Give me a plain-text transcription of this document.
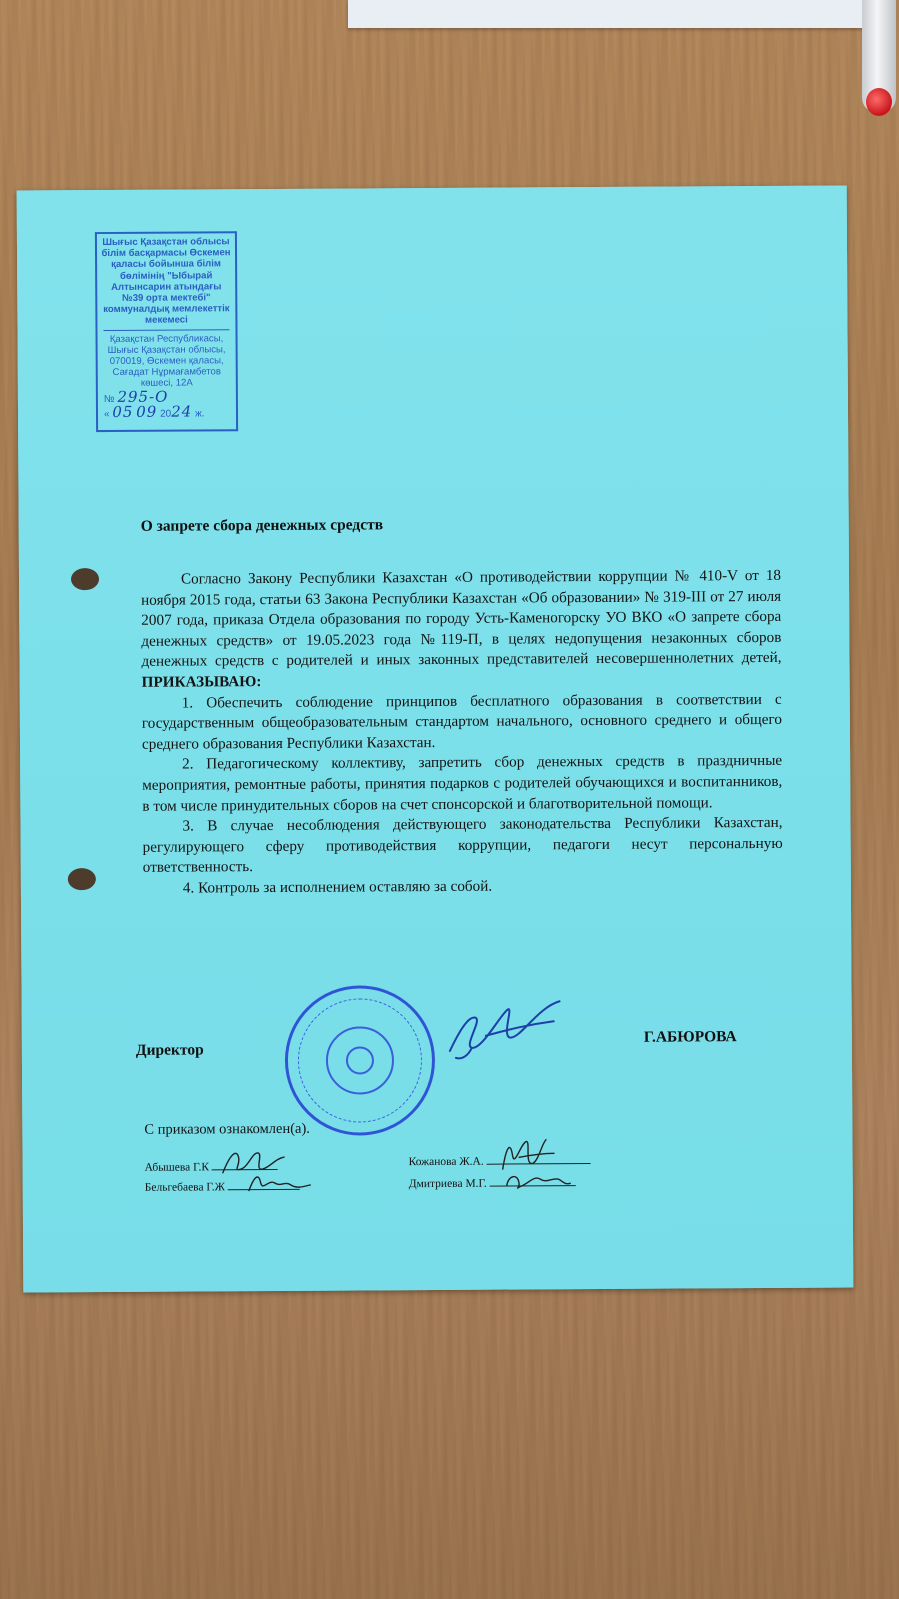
Шығыс Қазақстан облысы
білім басқармасы Өскемен
қаласы бойынша білім
бөлімінің "Ыбырай
Алтынсарин атындағы
№39 орта мектебі"
коммуналдық мемлекеттік
мекемесі
Қазақстан Республикасы,
Шығыс Қазақстан облысы,
070019, Өскемен қаласы,
Сағадат Нұрмағамбетов
көшесі, 12А
№ 295-О
« 05 09 2024 ж.
О запрете сбора денежных средств

Согласно Закону Республики Казахстан «О противодействии коррупции № 410-V от 18 ноября 2015 года, статьи 63 Закона Республики Казахстан «Об образовании» № 319-III от 27 июля 2007 года, приказа Отдела образования по городу Усть-Каменогорску УО ВКО «О запрете сбора денежных средств» от 19.05.2023 года №119-П, в целях недопущения незаконных сборов денежных средств с родителей и иных законных представителей несовершеннолетних детей, ПРИКАЗЫВАЮ:

1. Обеспечить соблюдение принципов бесплатного образования в соответствии с государственным общеобразовательным стандартом начального, основного среднего и общего среднего образования Республики Казахстан.

2. Педагогическому коллективу, запретить сбор денежных средств в праздничные мероприятия, ремонтные работы, принятия подарков с родителей обучающихся и воспитанников, в том числе принудительных сборов на счет спонсорской и благотворительной помощи.

3. В случае несоблюдения действующего законодательства Республики Казахстан, регулирующего сферу противодействия коррупции, педагоги несут персональную ответственность.

4. Контроль за исполнением оставляю за собой.

Директор
Г.АБЮРОВА
С приказом ознакомлен(а).
Абышева Г.К
Бельгебаева Г.Ж
Кожанова Ж.А.
Дмитриева М.Г.
